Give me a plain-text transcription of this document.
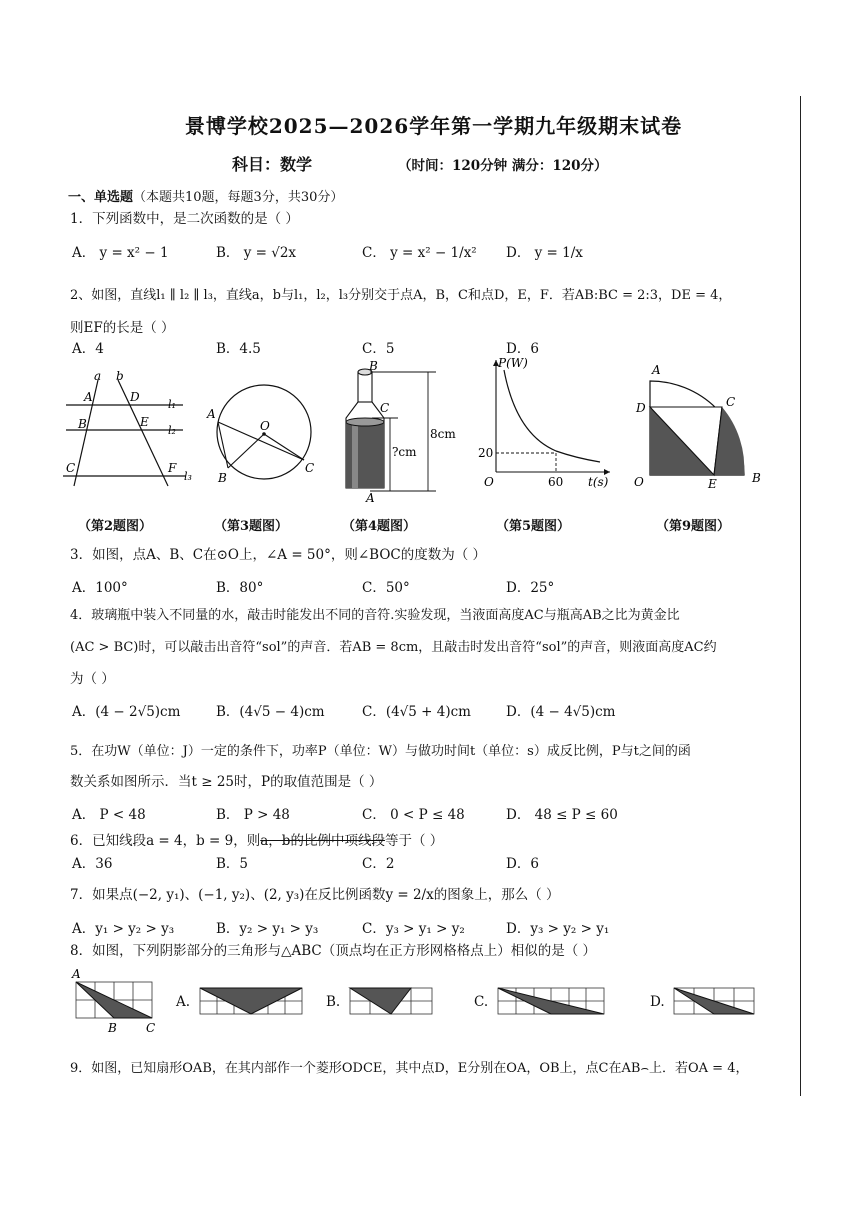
景博学校2025—2026学年第一学期九年级期末试卷
科目：数学	（时间：120分钟 满分：120分）
一、单选题（本题共10题，每题3分，共30分）
1．下列函数中，是二次函数的是（ ）
A． y = x² − 1	B． y = √2x	C． y = x² − 1/x² D． y = 1/x
2、如图，直线l₁ ∥ l₂ ∥ l₃，直线a，b与l₁，l₂，l₃分别交于点A，B，C和点D，E，F．若AB:BC = 2:3，DE = 4，
则EF的长是（ ）
A．4	B．4.5	C．5	D．6
a b
A	D
B	E
C	F
l₁
l₂
l₃
A
O
B
C
B
C
A
8cm
?cm
P(W)
20
60
O	t(s)
A
D	C
O	E	B
（第2题图）	（第3题图）	（第4题图）	（第5题图）	（第9题图）
3．如图，点A、B、C在⊙O上，∠A = 50°，则∠BOC的度数为（ ）
A．100°	B．80°	C．50°	D．25°
4．玻璃瓶中装入不同量的水，敲击时能发出不同的音符.实验发现，当液面高度AC与瓶高AB之比为黄金比
(AC > BC)时，可以敲击出音符“sol”的声音．若AB = 8cm，且敲击时发出音符“sol”的声音，则液面高度AC约
为（ ）
A．(4 − 2√5)cm	B．(4√5 − 4)cm	C．(4√5 + 4)cm	D．(4 − 4√5)cm
5．在功W（单位：J）一定的条件下，功率P（单位：W）与做功时间t（单位：s）成反比例，P与t之间的函
数关系如图所示．当t ≥ 25时，P的取值范围是（ ）
A． P < 48	B． P > 48	C． 0 < P ≤ 48	D． 48 ≤ P ≤ 60
6．已知线段a = 4，b = 9，则a，b的比例中项线段等于（ ）
A．36	B．5	C．2	D．6
7．如果点(−2, y₁)、(−1, y₂)、(2, y₃)在反比例函数y = 2/x的图象上，那么（ ）
A．y₁ > y₂ > y₃	B．y₂ > y₁ > y₃	C．y₃ > y₁ > y₂	D．y₃ > y₂ > y₁
8．如图，下列阴影部分的三角形与△ABC（顶点均在正方形网格格点上）相似的是（ ）
A
B C
A.	B.	C.	D.
9．如图，已知扇形OAB，在其内部作一个菱形ODCE，其中点D，E分别在OA，OB上，点C在AB⌢上．若OA = 4，
